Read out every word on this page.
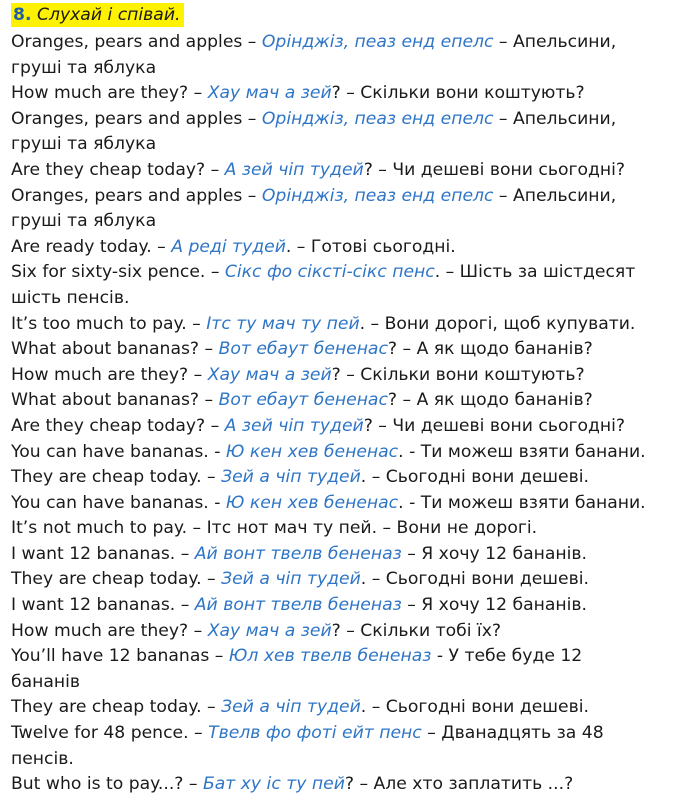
8. Слухай і співай.
Oranges, pears and apples – Орінджіз, пеаз енд епелс – Апельсини,
груші та яблука
How much are they? – Хау мач а зей? – Скільки вони коштують?
Oranges, pears and apples – Орінджіз, пеаз енд епелс – Апельсини,
груші та яблука
Are they cheap today? – А зей чіп тудей? – Чи дешеві вони сьогодні?
Oranges, pears and apples – Орінджіз, пеаз енд епелс – Апельсини,
груші та яблука
Are ready today. – А реді тудей. – Готові сьогодні.
Six for sixty-six pence. – Сікс фо сіксті-сікс пенс. – Шість за шістдесят
шість пенсів.
It’s too much to pay. – Ітс ту мач ту пей. – Вони дорогі, щоб купувати.
What about bananas? – Вот ебаут бененас? – А як щодо бананів?
How much are they? – Хау мач а зей? – Скільки вони коштують?
What about bananas? – Вот ебаут бененас? – А як щодо бананів?
Are they cheap today? – А зей чіп тудей? – Чи дешеві вони сьогодні?
You can have bananas. - Ю кен хев бененас. - Ти можеш взяти банани.
They are cheap today. – Зей а чіп тудей. – Сьогодні вони дешеві.
You can have bananas. - Ю кен хев бененас. - Ти можеш взяти банани.
It’s not much to pay. – Ітс нот мач ту пей. – Вони не дорогі.
I want 12 bananas. – Ай вонт твелв бененаз – Я хочу 12 бананів.
They are cheap today. – Зей а чіп тудей. – Сьогодні вони дешеві.
I want 12 bananas. – Ай вонт твелв бененаз – Я хочу 12 бананів.
How much are they? – Хау мач а зей? – Скільки тобі їх?
You’ll have 12 bananas – Юл хев твелв бененаз - У тебе буде 12
бананів
They are cheap today. – Зей а чіп тудей. – Сьогодні вони дешеві.
Twelve for 48 pence. – Твелв фо фоті ейт пенс – Дванадцять за 48
пенсів.
But who is to pay...? – Бат ху іс ту пей? – Але хто заплатить ...?
